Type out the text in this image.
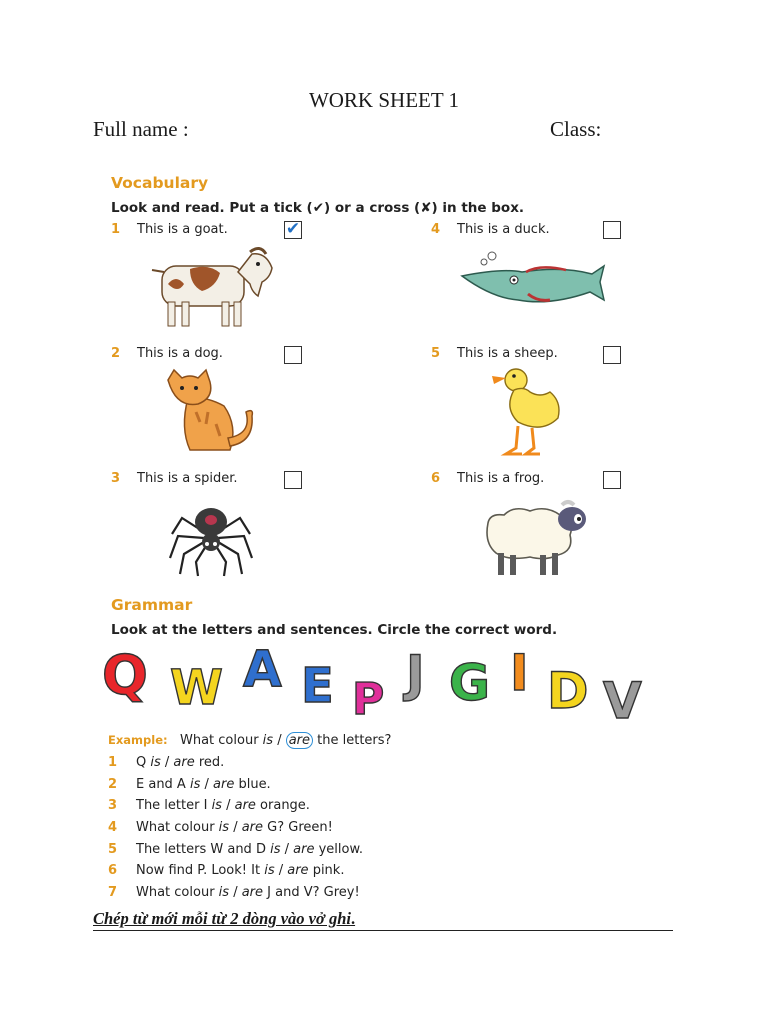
WORK SHEET 1
Full name :	Class:
Vocabulary
Look and read. Put a tick (✔) or a cross (✘) in the box.
1 This is a goat.	✔	4 This is a duck.
2 This is a dog.	5 This is a sheep.
3 This is a spider.	6 This is a frog.
Grammar
Look at the letters and sentences. Circle the correct word.
Q W A E P J G I D V
Example: What colour is / are the letters?
1 Q is / are red.
2 E and A is / are blue.
3 The letter I is / are orange.
4 What colour is / are G? Green!
5 The letters W and D is / are yellow.
6 Now find P. Look! It is / are pink.
7 What colour is / are J and V? Grey!
Chép từ mới mỗi từ 2 dòng vào vở ghi.
